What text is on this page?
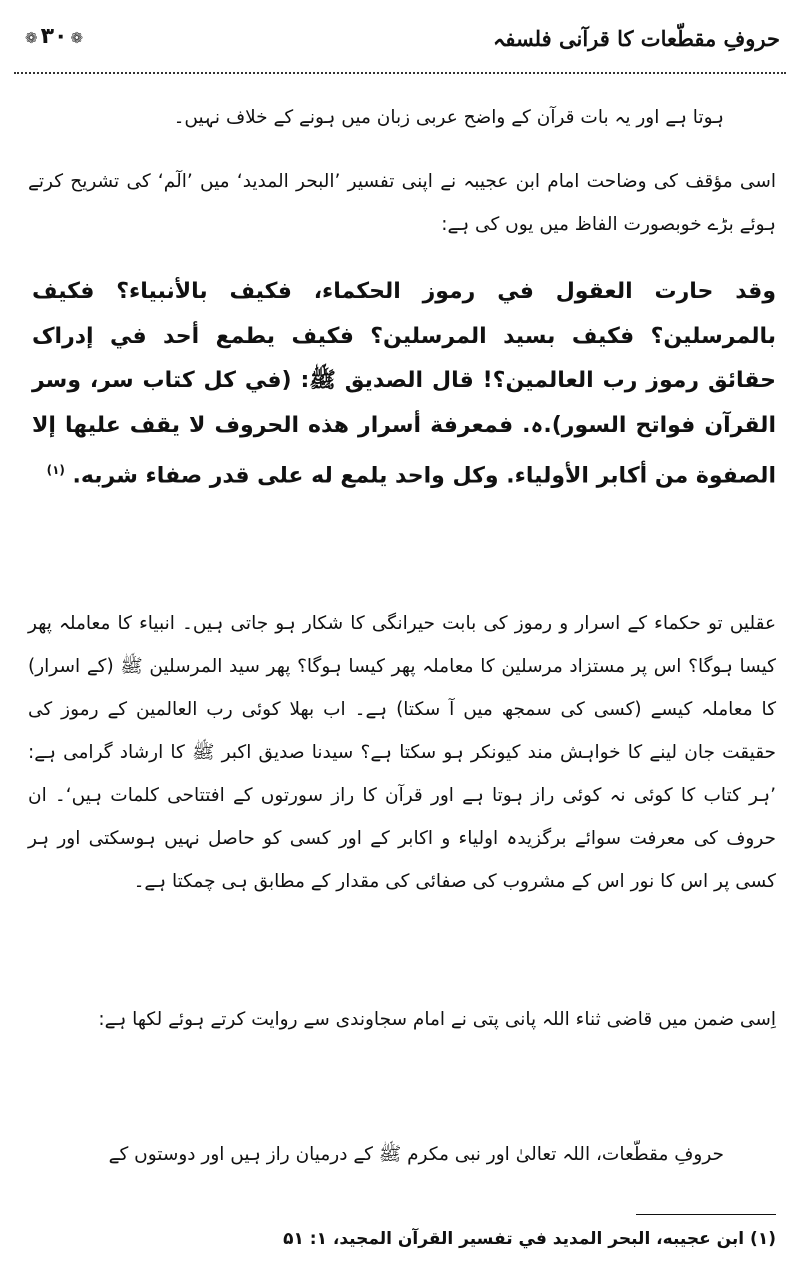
حروفِ مقطّعات کا قرآنی فلسفہ
❁ ۳۰ ❁

ہوتا ہے اور یہ بات قرآن کے واضح عربی زبان میں ہونے کے خلاف نہیں۔

اسی مؤقف کی وضاحت امام ابن عجیبہ نے اپنی تفسیر ’البحر المدید‘ میں ’الٓم‘ کی تشریح کرتے ہوئے بڑے خوبصورت الفاظ میں یوں کی ہے:

وقد حارت العقول في رموز الحكماء، فكيف بالأنبياء؟ فكيف بالمرسلين؟ فكيف بسيد المرسلين؟ فكيف يطمع أحد في إدراک حقائق رموز رب العالمين؟! قال الصديق ﷺ: (في كل كتاب سر، وسر القرآن فواتح السور).ہ. فمعرفة أسرار هذه الحروف لا يقف عليها إلا الصفوة من أكابر الأولياء. وكل واحد يلمع له على قدر صفاء شربه. $^{(۱)}$

عقلیں تو حکماء کے اسرار و رموز کی بابت حیرانگی کا شکار ہو جاتی ہیں۔ انبیاء کا معاملہ پھر کیسا ہوگا؟ اس پر مستزاد مرسلین کا معاملہ پھر کیسا ہوگا؟ پھر سید المرسلین ﷺ (کے اسرار) کا معاملہ کیسے (کسی کی سمجھ میں آ سکتا) ہے۔ اب بھلا کوئی رب العالمین کے رموز کی حقیقت جان لینے کا خواہش مند کیونکر ہو سکتا ہے؟ سیدنا صدیق اکبر ﷺ کا ارشاد گرامی ہے: ’ہر کتاب کا کوئی نہ کوئی راز ہوتا ہے اور قرآن کا راز سورتوں کے افتتاحی کلمات ہیں‘۔ ان حروف کی معرفت سوائے برگزیدہ اولیاء و اکابر کے اور کسی کو حاصل نہیں ہوسکتی اور ہر کسی پر اس کا نور اس کے مشروب کی صفائی کی مقدار کے مطابق ہی چمکتا ہے۔

اِسی ضمن میں قاضی ثناء اللہ پانی پتی نے امام سجاوندی سے روایت کرتے ہوئے لکھا ہے:

حروفِ مقطّعات، اللہ تعالیٰ اور نبی مکرم ﷺ کے درمیان راز ہیں اور دوستوں کے

(۱) ابن عجيبه، البحر المديد في تفسير القرآن المجيد، ۱: ۵۱
